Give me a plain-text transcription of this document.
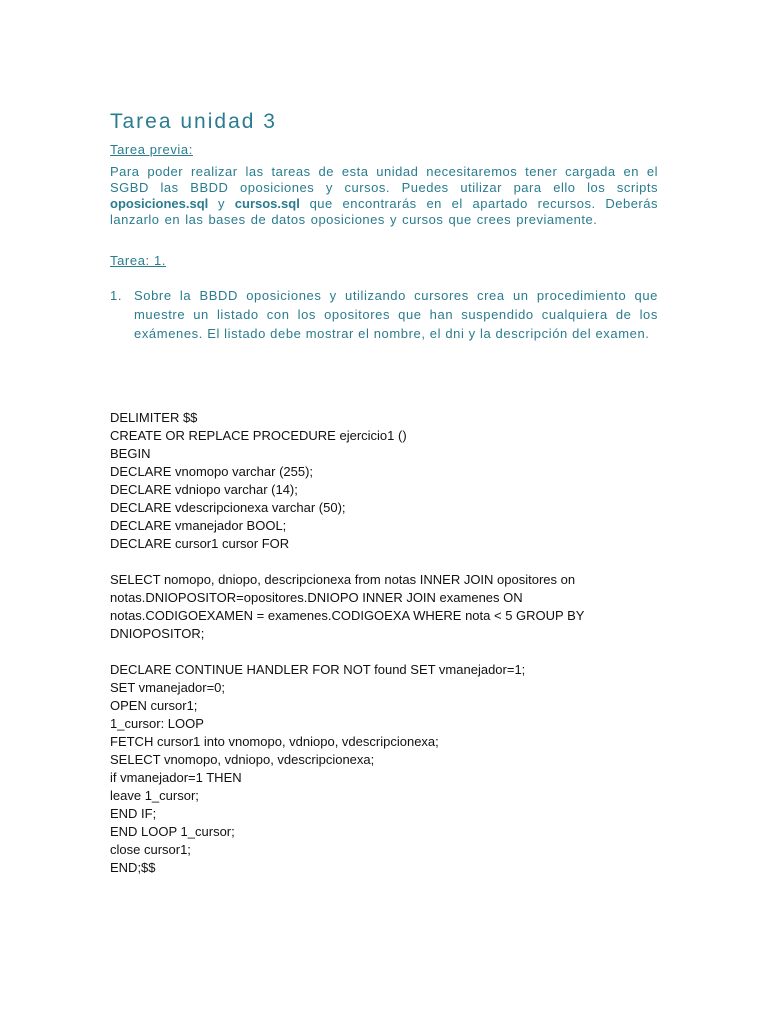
Tarea unidad 3
Tarea previa:

Para poder realizar las tareas de esta unidad necesitaremos tener cargada en el SGBD las BBDD oposiciones y cursos. Puedes utilizar para ello los scripts oposiciones.sql y cursos.sql que encontrarás en el apartado recursos. Deberás lanzarlo en las bases de datos oposiciones y cursos que crees previamente.

Tarea: 1.
1. Sobre la BBDD oposiciones y utilizando cursores crea un procedimiento que muestre un listado con los opositores que han suspendido cualquiera de los exámenes. El listado debe mostrar el nombre, el dni y la descripción del examen.
DELIMITER $$
CREATE OR REPLACE PROCEDURE ejercicio1 ()
BEGIN
DECLARE vnomopo varchar (255);
DECLARE vdniopo varchar (14);
DECLARE vdescripcionexa varchar (50);
DECLARE vmanejador BOOL;
DECLARE cursor1 cursor FOR
SELECT nomopo, dniopo, descripcionexa from notas INNER JOIN opositores on
notas.DNIOPOSITOR=opositores.DNIOPO INNER JOIN examenes ON
notas.CODIGOEXAMEN = examenes.CODIGOEXA WHERE nota < 5 GROUP BY
DNIOPOSITOR;
DECLARE CONTINUE HANDLER FOR NOT found SET vmanejador=1;
SET vmanejador=0;
OPEN cursor1;
1_cursor: LOOP
FETCH cursor1 into vnomopo, vdniopo, vdescripcionexa;
SELECT vnomopo, vdniopo, vdescripcionexa;
if vmanejador=1 THEN
leave 1_cursor;
END IF;
END LOOP 1_cursor;
close cursor1;
END;$$
